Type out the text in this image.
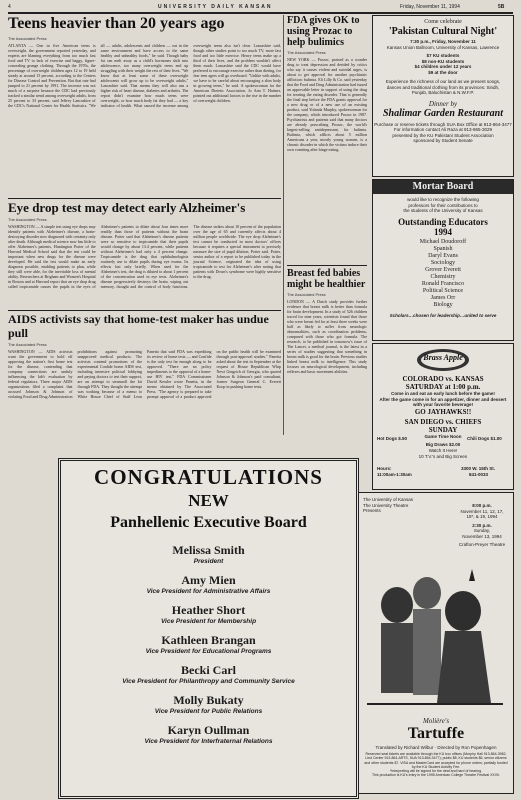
4	UNIVERSITY DAILY KANSAN	Friday, November 11, 1994	5B
Teens heavier than 20 years ago
The Associated Press
ATLANTA — One in five American teens is overweight, the government reported yesterday, and experts are blaming everything from too much fast food and TV to lack of exercise and baggy, figure-concealing grunge clothing. Through the 1970s, the percentage of overweight children ages 12 to 19 held steady at around 15 percent, according to the Centers for Disease Control and Prevention. But that rate had jumped to 21 percent by 1991. The increase was not much of a surprise because the CDC had previously tracked a similar trend among overweight adults, from 25 percent to 33 percent, said Jeffrey Lancashire of the CDC's National Center for Health Statistics. "We all — adults, adolescents and children — eat in the same environment and have access to the same healthy and unhealthy foods," he said. Though baby fat can melt away as a child's hormones shift into adolescence, too many overweight teens end up struggling with their weight the rest of their lives. "We know that at least some of these overweight adolescents will grow up to be overweight adults," Lancashire said. That means they will also run a higher risk of heart disease, diabetes and arthritis. The report didn't examine how much teens were overweight, or how much body fat they had — a key indicator of health. What caused the increase among overweight teens also isn't clear. Lancashire said, though other studies point to too much TV, more fast food and too little exercise. Heavy teens make up a third of their lives, and the problem wouldn't affect them much. Lancashire said the CDC would have preferred to encourage exercise rather than dieting, for fear teen agers will go overboard. "Unlike with adults, we have to be careful about encouraging a slim body in growing teens," he said. A spokeswoman for the American Dietetic Association, Jo Ann T. Hattner, pointed out additional factors to the rise in the number of overweight children.
FDA gives OK to using Prozac to help bulimics
The Associated Press
NEW YORK — Prozac, praised as a wonder drug to treat depression and derided by critics who say it causes violent and suicidal urges, is about to get approval for another psychiatric affliction: bulimia. Eli Lilly & Co. said yesterday that the Food and Drug Administration had issued an approvable letter in support of using the drug for treating the eating disorder. That is generally the final step before the FDA grants approval for a new drug or of a new use of an existing product, said Yolanda Murphy, spokeswoman for the company, which introduced Prozac in 1987. Psychiatrists and patients said that many doctors are already prescribing Prozac, the world's largest-selling antidepressant, for bulimia. Bulimia, which afflicts about 5 million Americans a year, mostly young women, is a chronic disorder in which the victims induce their own vomiting after binge eating.
Breast fed babies might be healthier
The Associated Press
LONDON — A Dutch study provides further evidence that breast milk is better than formula for brain development. In a study of 526 children traced for nine years, scientists found that those who were breast fed for at least three weeks were half as likely to suffer from neurologic abnormalities, such as coordination problems, compared with those who got formula. The research, to be published in tomorrow's issue of The Lancet, a medical journal, is the latest in a series of studies suggesting that something in breast milk is good for the brain. Previous studies linked breast milk to intelligence. This study focuses on neurological development, including reflexes and basic movement abilities.
Eye drop test may detect early Alzheimer's
The Associated Press
WASHINGTON — A simple test using eye drops may identify patients with Alzheimer's disease, a brain-destroying disorder now diagnosed with certainty only after death. Although medical science now has little to offer Alzheimer's patients, Huntington Potter of the Harvard Medical School said that the test could be important when new drugs for the disease were developed. He said the test would make an early diagnosis possible, enabling patients to plan, while they still were able, for the inevitable loss of mental ability. Researchers at Brigham and Women's Hospital in Boston and at Harvard report that an eye drop drug called tropicamide causes the pupils in the eyes of Alzheimer's patients to dilate about four times more readily than those of patients without the brain disease. Potter said that Alzheimer's disease patients were so sensitive to tropicamide that their pupils would change by about 13.4 percent, while patients without Alzheimer's had only a 4 percent change. Tropicamide is the drug that ophthalmologists routinely use to dilate pupils during eye exams. Its effects last only briefly. When used for the Alzheimer's test, the drug is diluted to about 1 percent of the concentration used in eye tests. Alzheimer's disease progressively destroys the brain, wiping out memory, thought and the control of body functions. The disease strikes about 10 percent of the population over the age of 65 and currently affects about 4 million people worldwide. The eye drop Alzheimer's test cannot be conducted in most doctors' offices because it requires a special instrument to precisely measure the size of pupil dilation, Potter said. Potter, senior author of a report to be published today in the journal Science, originated the idea of using tropicamide to test for Alzheimer's after noting that patients with Down's syndrome were highly sensitive to the drug.
AIDS activists say that home-test maker has undue pull
The Associated Press
WASHINGTON — AIDS activists want the government to hold off approving the nation's first home test for the disease, contending that company connections are unduly influencing the lab's evaluation by federal regulators. Three major AIDS organizations filed a complaint that accused Johnson & Johnson of violating Food and Drug Administration prohibitions against promoting unapproved medical products. The activists contend promotions of the experimental Confide home AIDS test, including intensive political lobbying and paying doctors to test their support, are an attempt to steamroll the kit through FDA. They thought the attempt was working because of a memo to White House Chief of Staff Leon Panetta that said FDA was expediting its review of home tests — and Confide is the only test far enough along to be approved. "There are no policy impediments to the approval of a home-use HIV test," FDA Commissioner David Kessler wrote Panetta, in the memo obtained by The Associated Press. "The agency is prepared to take prompt approval of a product approval on the public health will be examined through post-approval studies." Panetta asked about the test in September at the request of House Republican Whip Newt Gingrich of Georgia, who quoted Johnson & Johnson's paid consultant, former Surgeon General C. Everett Koop in pushing home tests.
Come celebrate
'Pakistan Cultural Night'
7:30 p.m., Friday, November 11
Kansas Union Ballroom, University of Kansas, Lawrence
$7 KU students
$8 non-KU students
$4 children under 12 years
$9 at the door
Experience the richness of our land as we present songs, dances and traditional clothing from its provinces: Sindh, Punjab, Baluchistan & N.W.F.P.
Dinner by
Shalimar Garden Restaurant
Purchase or reserve tickets through SUA Box Office at 913-864-3477
For information contact Ali Raza at 913-865-3029
presented by the KU Pakistani Student Association
sponsored by Student Senate
Mortar Board
would like to recognize the following
professors for their contributions to
the students of the University of Kansas
Outstanding Educators
1994
Michael Doudoroff
Spanish
Daryl Evans
Sociology
Grover Everett
Chemistry
Ronald Francisco
Political Science
James Orr
Biology
Scholars…chosen for leadership…united to serve
Brass Apple
COLORADO vs. KANSAS
SATURDAY at 1:00 p.m.
Come in and eat an early lunch before the game!
After the game come in for an appetizer, dinner and dessert
with your favorite beverage!
GO JAYHAWKS!!
SAN DIEGO vs. CHIEFS
SUNDAY
Game Time Noon
Hot Dogs $.50	Chili Dogs $1.00
Big Draws $2.00
Watch It Here!
10 T.V.'s and Big Screen
Hours:
11:00am-1:30am
3300 W. 15th St.
841-0033
The University of Kansas
The University Theatre
Presents
8:00 p.m.
November 11, 12, 17,
18*, & 19, 1994
2:30 p.m.
Sunday,
November 13, 1994
Crafton-Preyer Theatre
Molière's
Tartuffe
Translated by Richard Wilbur · Directed by Ron Popenhagen
Reserved seat tickets are available through the KU box offices (Murphy Hall 913-864-3982, Lied Center 913-864-ARTS, SUA 913-864-3477); public $8, KU students $6, senior citizens and other students $7. VISA and MasterCard are accepted for phone orders; partially funded by the KU Student Activity Fee.
*Interpreting will be signed for the deaf and hard of hearing.
This production is KU's entry in the 1995 American College Theatre Festival XXVII.
CONGRATULATIONS
NEW
Panhellenic Executive Board
Melissa Smith
President
Amy Mien
Vice President for Administrative Affairs
Heather Short
Vice President for Membership
Kathleen Brangan
Vice President for Educational Programs
Becki Carl
Vice President for Philanthropy and Community Service
Molly Bukaty
Vice President for Public Relations
Karyn Oullman
Vice President for Interfraternal Relations
